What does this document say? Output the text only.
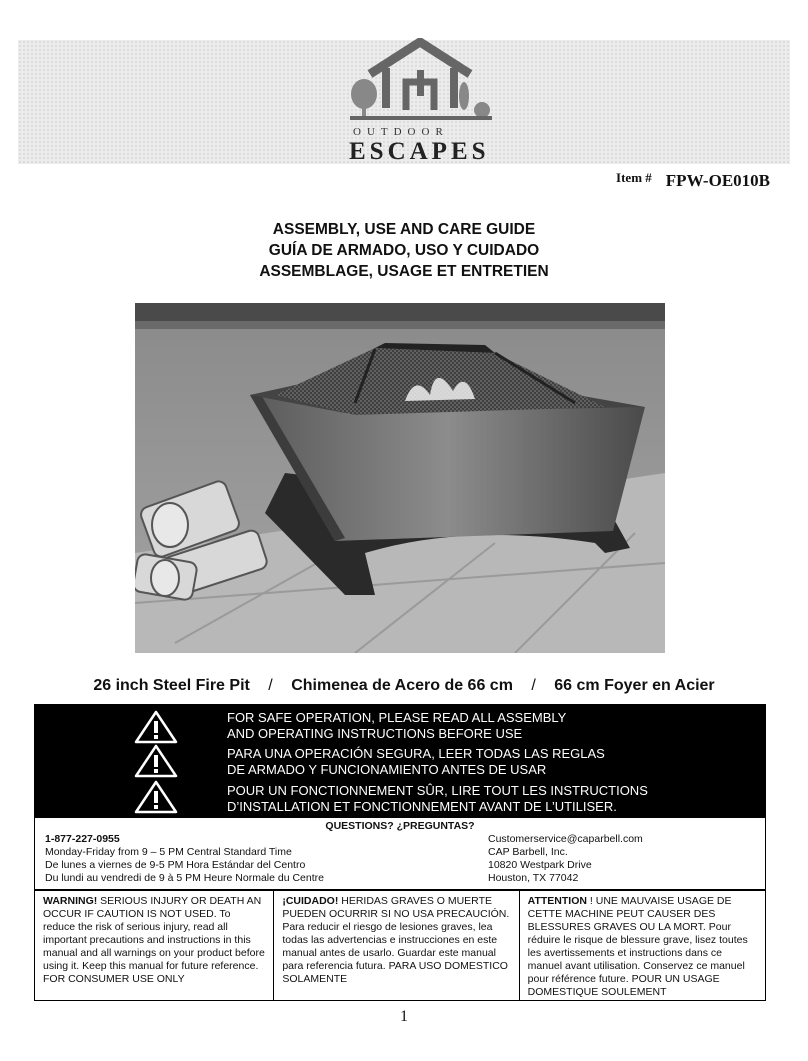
OUTDOOR
ESCAPES
$^{Item \#}$ FPW-OE010B
ASSEMBLY, USE AND CARE GUIDE
GUÍA DE ARMADO, USO Y CUIDADO
ASSEMBLAGE, USAGE ET ENTRETIEN
26 inch Steel Fire Pit / Chimenea de Acero de 66 cm / 66 cm Foyer en Acier
FOR SAFE OPERATION, PLEASE READ ALL ASSEMBLY
AND OPERATING INSTRUCTIONS BEFORE USE
PARA UNA OPERACIÓN SEGURA, LEER TODAS LAS REGLAS
DE ARMADO Y FUNCIONAMIENTO ANTES DE USAR
POUR UN FONCTIONNEMENT SÛR, LIRE TOUT LES INSTRUCTIONS
D’INSTALLATION ET FONCTIONNEMENT AVANT DE L’UTILISER.
QUESTIONS? ¿PREGUNTAS?
1-877-227-0955
Monday-Friday from 9 – 5 PM Central Standard Time
De lunes a viernes de 9-5 PM Hora Estándar del Centro
Du lundi au vendredi de 9 à 5 PM Heure Normale du Centre
Customerservice@caparbell.com
CAP Barbell, Inc.
10820 Westpark Drive
Houston, TX 77042
WARNING! SERIOUS INJURY OR DEATH AN OCCUR IF CAUTION IS NOT USED. To reduce the risk of serious injury, read all important precautions and instructions in this manual and all warnings on your product before using it. Keep this manual for future reference. FOR CONSUMER USE ONLY
¡CUIDADO! HERIDAS GRAVES O MUERTE PUEDEN OCURRIR SI NO USA PRECAUCIÓN. Para reducir el riesgo de lesiones graves, lea todas las advertencias e instrucciones en este manual antes de usarlo. Guardar este manual para referencia futura. PARA USO DOMESTICO SOLAMENTE
ATTENTION ! UNE MAUVAISE USAGE DE CETTE MACHINE PEUT CAUSER DES BLESSURES GRAVES OU LA MORT. Pour réduire le risque de blessure grave, lisez toutes les avertissements et instructions dans ce manuel avant utilisation. Conservez ce manuel pour référence future. POUR UN USAGE DOMESTIQUE SOULEMENT
1
